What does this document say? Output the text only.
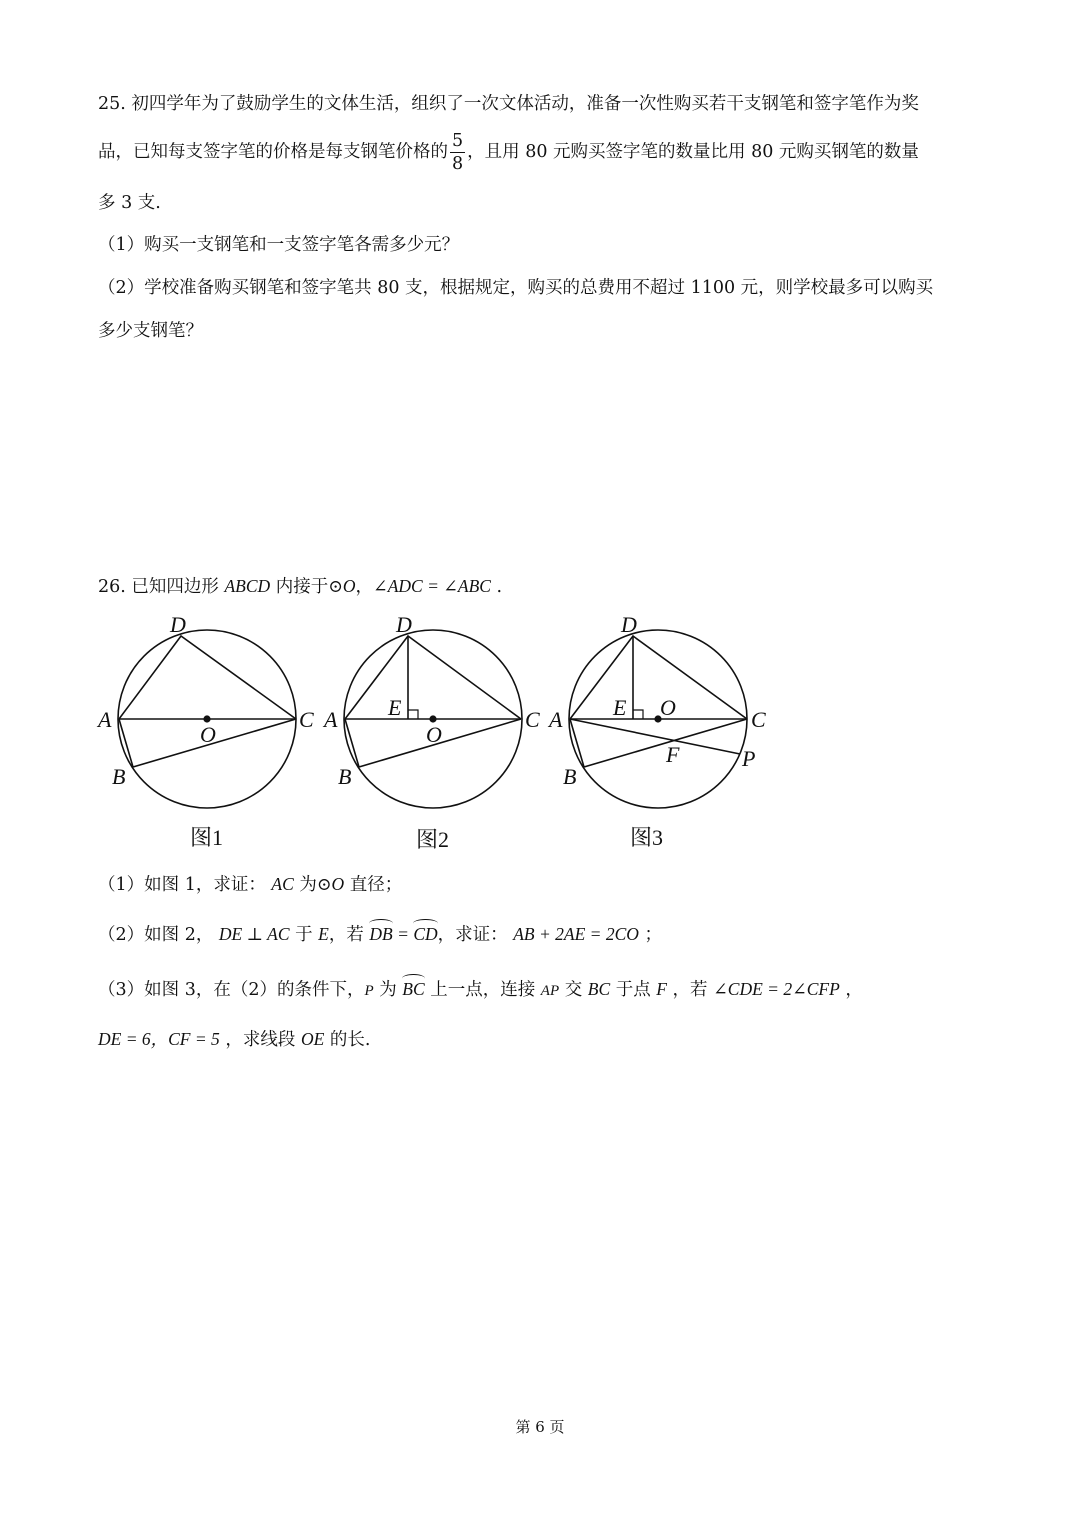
25. 初四学年为了鼓励学生的文体生活，组织了一次文体活动，准备一次性购买若干支钢笔和签字笔作为奖
品，已知每支签字笔的价格是每支钢笔价格的 $\frac{5}{8}$ ，且用 80 元购买签字笔的数量比用 80 元购买钢笔的数量
多 3 支.
（1）购买一支钢笔和一支签字笔各需多少元？
（2）学校准备购买钢笔和签字笔共 80 支，根据规定，购买的总费用不超过 1100 元，则学校最多可以购买
多少支钢笔？
26. 已知四边形 ABCD 内接于⊙O，∠ADC = ∠ABC .
D
A	C
O
B
D
A	C
O
B
E
D
A	C
O
B
E
F	P
图1	图2	图3
（1）如图 1，求证： AC 为⊙O 直径；
（2）如图 2， DE ⊥ AC 于 E，若 DB = CD，求证： AB + 2AE = 2CO ；
（3）如图 3，在（2）的条件下，P 为 BC 上一点，连接 AP 交 BC 于点 F ，若 ∠CDE = 2∠CFP ，
DE = 6，CF = 5 ，求线段 OE 的长.
第 6 页
